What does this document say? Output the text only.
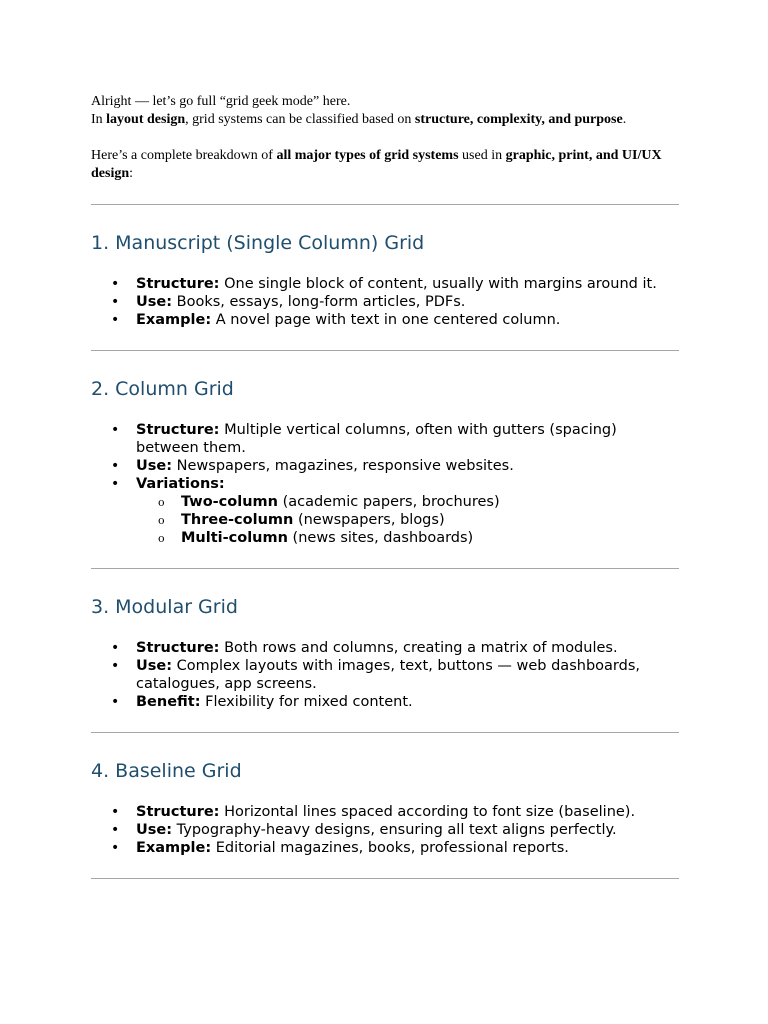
Alright — let’s go full “grid geek mode” here.
In layout design, grid systems can be classified based on structure, complexity, and purpose.

Here’s a complete breakdown of all major types of grid systems used in graphic, print, and UI/UX design:

1. Manuscript (Single Column) Grid
• Structure: One single block of content, usually with margins around it.
• Use: Books, essays, long-form articles, PDFs.
• Example: A novel page with text in one centered column.
2. Column Grid
• Structure: Multiple vertical columns, often with gutters (spacing) between them.
• Use: Newspapers, magazines, responsive websites.
• Variations:
o Two-column (academic papers, brochures)
o Three-column (newspapers, blogs)
o Multi-column (news sites, dashboards)
3. Modular Grid
• Structure: Both rows and columns, creating a matrix of modules.
• Use: Complex layouts with images, text, buttons — web dashboards, catalogues, app screens.
• Benefit: Flexibility for mixed content.
4. Baseline Grid
• Structure: Horizontal lines spaced according to font size (baseline).
• Use: Typography-heavy designs, ensuring all text aligns perfectly.
• Example: Editorial magazines, books, professional reports.
